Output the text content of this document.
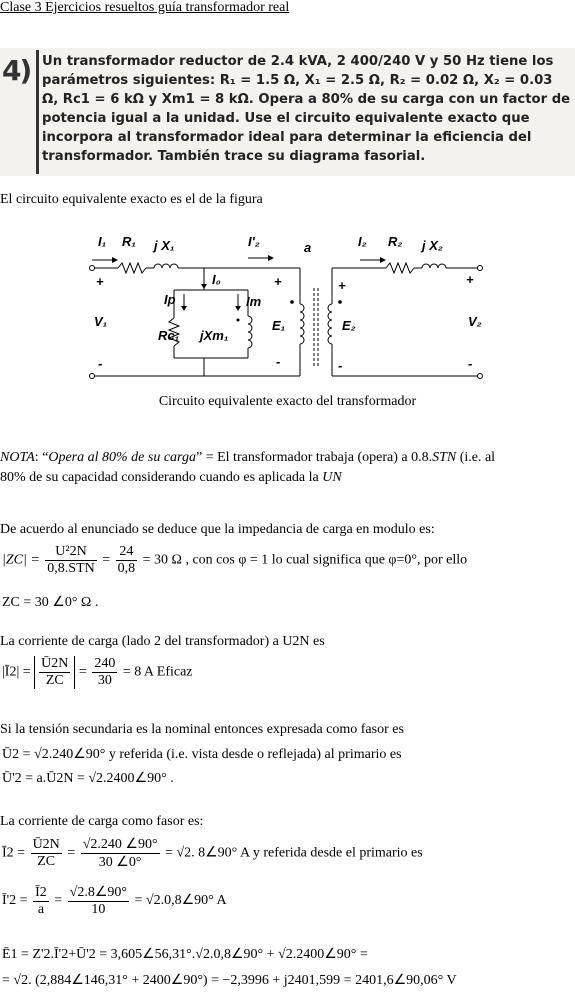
Clase 3 Ejercicios resueltos guía transformador real
4) Un transformador reductor de 2.4 kVA, 2 400/240 V y 50 Hz tiene los parámetros siguientes: R₁ = 1.5 Ω, X₁ = 2.5 Ω, R₂ = 0.02 Ω, X₂ = 0.03 Ω, Rc1 = 6 kΩ y Xm1 = 8 kΩ. Opera a 80% de su carga con un factor de potencia igual a la unidad. Use el circuito equivalente exacto que incorpora al transformador ideal para determinar la eficiencia del transformador. También trace su diagrama fasorial.
El circuito equivalente exacto es el de la figura
I₁ R₁ j X₁	I'₂	a	I₂ R₂ j X₂
I₀
Ip	Im
Rc₁ jXm₁
E₁	E₂
V₁	V₂
+	+	+	+
-	-	-	-
Circuito equivalente exacto del transformador
NOTA: “Opera al 80% de su carga” = El transformador trabaja (opera) a 0.8.STN (i.e. al
80% de su capacidad considerando cuando es aplicada la UN
De acuerdo al enunciado se deduce que la impedancia de carga en modulo es:
$|ZC| = \frac{\text{U²2N}}{\text{0,8.STN}} = \frac{24}{0,8} = 30$ Ω , con cos φ = 1 lo cual significa que φ=0°, por ello
ZC = 30 ∠0° Ω .
La corriente de carga (lado 2 del transformador) a U2N es
|Ī2| = $\frac{Ū2N}{ZC} = \frac{240}{30} = 8$ A Eficaz
Si la tensión secundaria es la nominal entonces expresada como fasor es
Ū2 = √2.240∠90° y referida (i.e. vista desde o reflejada) al primario es
Ū'2 = a.Ū2N = √2.2400∠90° .
La corriente de carga como fasor es:
Ī2 = $\frac{Ū2N}{ZC} = \frac{√2.240 \angle 90^\circ}{30 \angle 0^\circ} = √2$. 8∠90° A y referida desde el primario es
Ī'2 = $\frac{Ī2}{a} = \frac{√2.8\angle 90^\circ}{10}$ = √2.0,8∠90° A
Ē1 = Z'2.Ī'2+Ū'2 = 3,605∠56,31°.√2.0,8∠90° + √2.2400∠90° =
= √2. (2,884∠146,31° + 2400∠90°) = −2,3996 + j2401,599 = 2401,6∠90,06° V
